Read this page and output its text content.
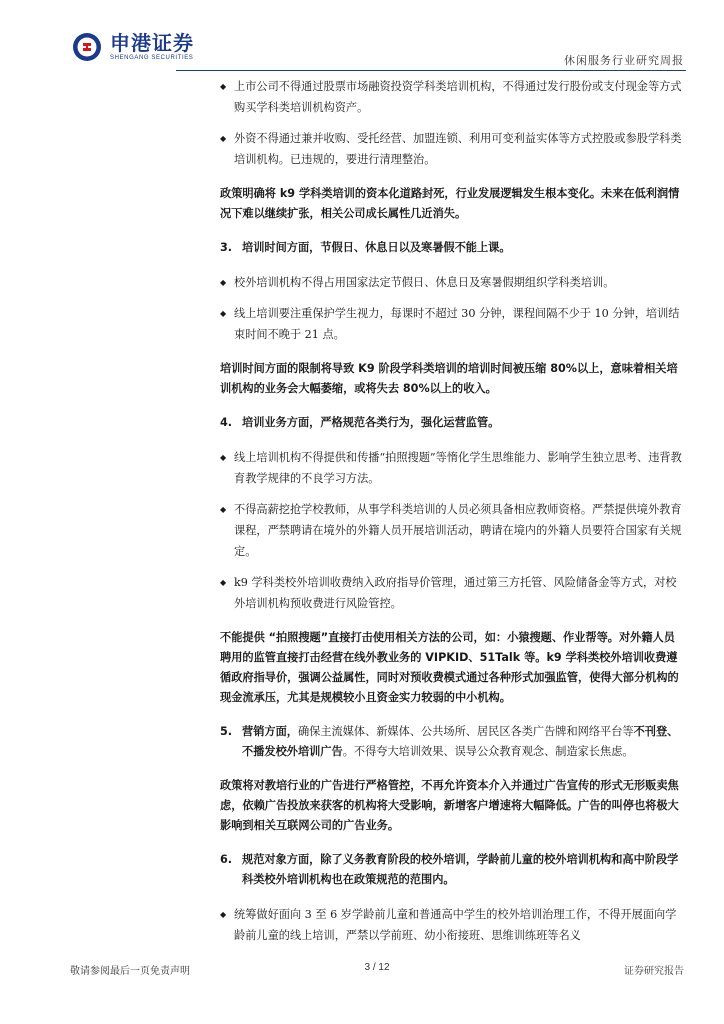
申港证券
SHENGANG SECURITIES	休闲服务行业研究周报
◆ 上市公司不得通过股票市场融资投资学科类培训机构，不得通过发行股份或支付现金等方式购买学科类培训机构资产。
◆ 外资不得通过兼并收购、受托经营、加盟连锁、利用可变利益实体等方式控股或参股学科类培训机构。已违规的，要进行清理整治。
政策明确将 k9 学科类培训的资本化道路封死，行业发展逻辑发生根本变化。未来在低利润情况下难以继续扩张，相关公司成长属性几近消失。
3. 培训时间方面，节假日、休息日以及寒暑假不能上课。
◆ 校外培训机构不得占用国家法定节假日、休息日及寒暑假期组织学科类培训。
◆ 线上培训要注重保护学生视力，每课时不超过 30 分钟，课程间隔不少于 10 分钟，培训结束时间不晚于 21 点。
培训时间方面的限制将导致 K9 阶段学科类培训的培训时间被压缩 80%以上，意味着相关培训机构的业务会大幅萎缩，或将失去 80%以上的收入。
4. 培训业务方面，严格规范各类行为，强化运营监管。
◆ 线上培训机构不得提供和传播“拍照搜题”等惰化学生思维能力、影响学生独立思考、违背教育教学规律的不良学习方法。
◆ 不得高薪挖抢学校教师，从事学科类培训的人员必须具备相应教师资格。严禁提供境外教育课程，严禁聘请在境外的外籍人员开展培训活动，聘请在境内的外籍人员要符合国家有关规定。
◆ k9 学科类校外培训收费纳入政府指导价管理，通过第三方托管、风险储备金等方式，对校外培训机构预收费进行风险管控。
不能提供 “拍照搜题”直接打击使用相关方法的公司，如：小猿搜题、作业帮等。对外籍人员聘用的监管直接打击经营在线外教业务的 VIPKID、51Talk 等。k9 学科类校外培训收费遵循政府指导价，强调公益属性，同时对预收费模式通过各种形式加强监管，使得大部分机构的现金流承压，尤其是规模较小且资金实力较弱的中小机构。
5. 营销方面，确保主流媒体、新媒体、公共场所、居民区各类广告牌和网络平台等不刊登、不播发校外培训广告。不得夸大培训效果、误导公众教育观念、制造家长焦虑。
政策将对教培行业的广告进行严格管控，不再允许资本介入并通过广告宣传的形式无形贩卖焦虑，依赖广告投放来获客的机构将大受影响，新增客户增速将大幅降低。广告的叫停也将极大影响到相关互联网公司的广告业务。
6. 规范对象方面，除了义务教育阶段的校外培训，学龄前儿童的校外培训机构和高中阶段学科类校外培训机构也在政策规范的范围内。
◆ 统筹做好面向 3 至 6 岁学龄前儿童和普通高中学生的校外培训治理工作，不得开展面向学龄前儿童的线上培训，严禁以学前班、幼小衔接班、思维训练班等名义
敬请参阅最后一页免责声明	3 / 12	证券研究报告
